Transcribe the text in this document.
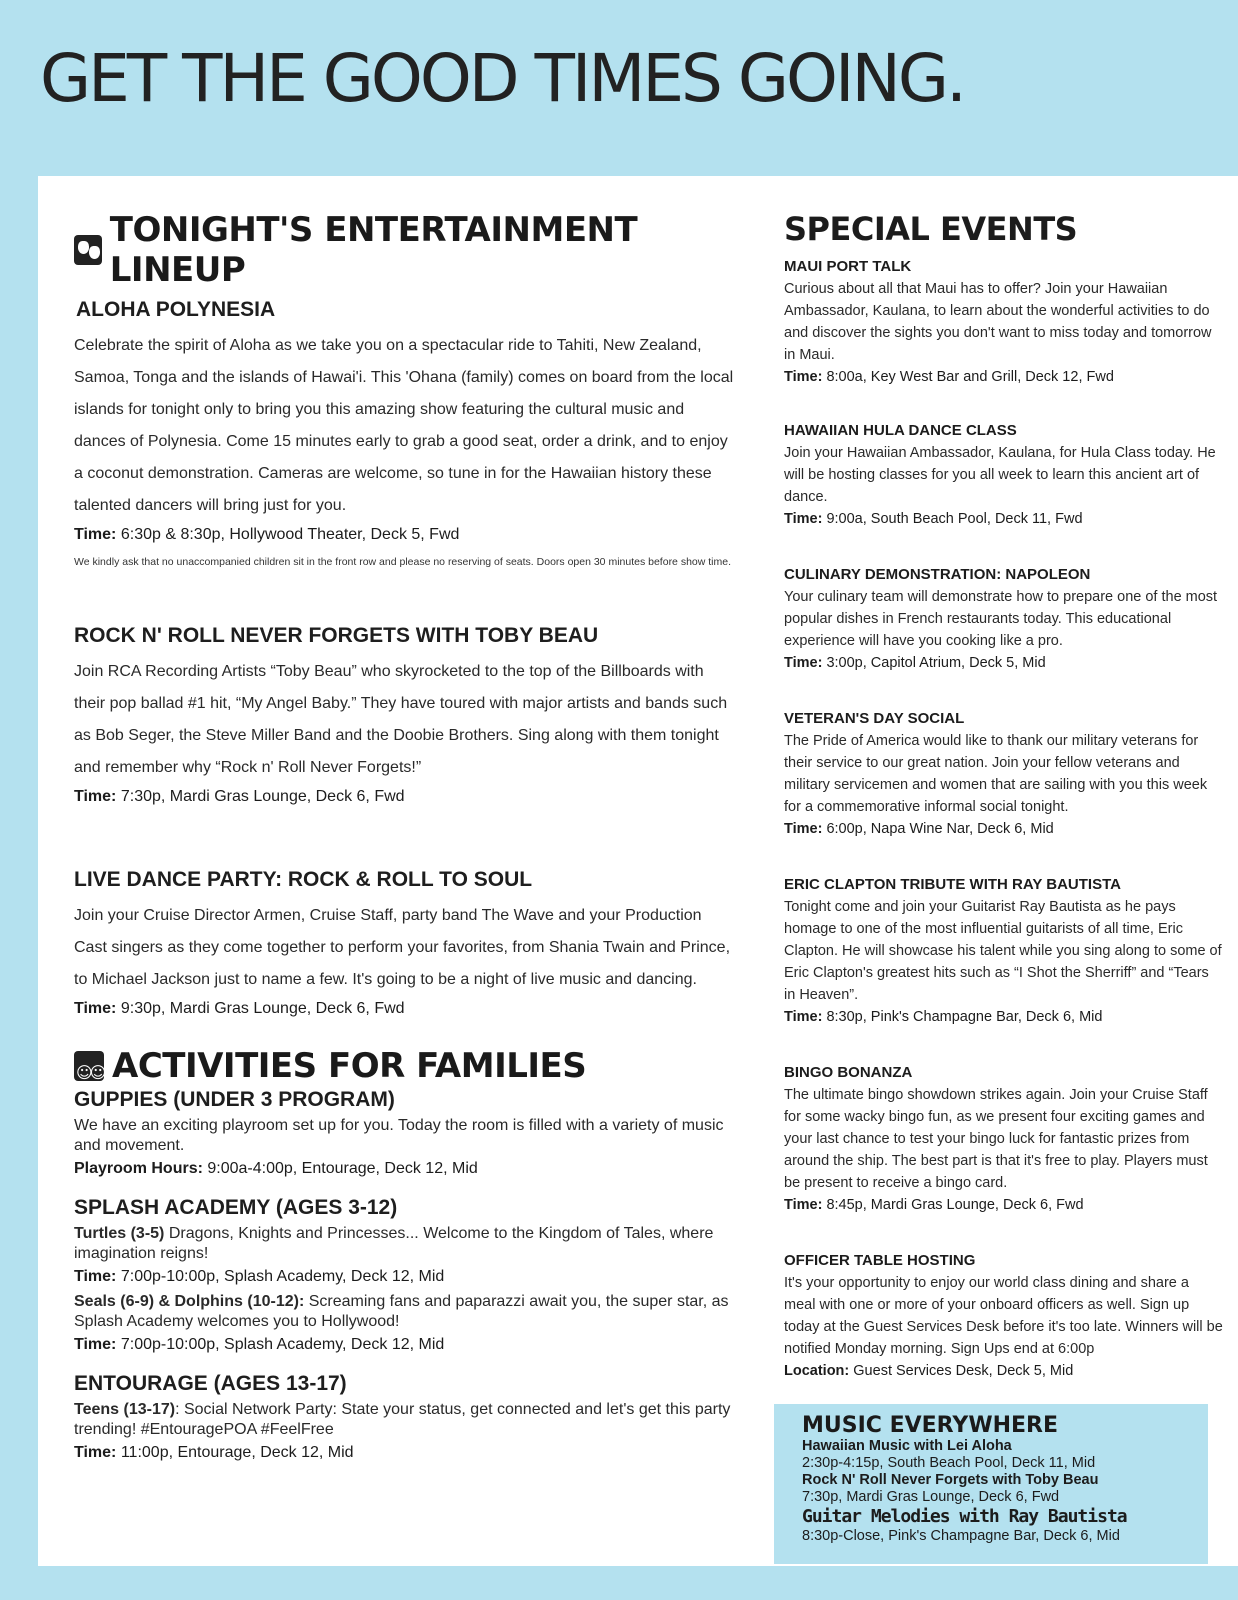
GET THE GOOD TIMES GOING.
TONIGHT'S ENTERTAINMENT LINEUP

ALOHA POLYNESIA

Celebrate the spirit of Aloha as we take you on a spectacular ride to Tahiti, New Zealand, Samoa, Tonga and the islands of Hawai'i. This 'Ohana (family) comes on board from the local islands for tonight only to bring you this amazing show featuring the cultural music and dances of Polynesia. Come 15 minutes early to grab a good seat, order a drink, and to enjoy a coconut demonstration. Cameras are welcome, so tune in for the Hawaiian history these talented dancers will bring just for you.

Time: 6:30p & 8:30p, Hollywood Theater, Deck 5, Fwd

We kindly ask that no unaccompanied children sit in the front row and please no reserving of seats. Doors open 30 minutes before show time.

ROCK N' ROLL NEVER FORGETS WITH TOBY BEAU

Join RCA Recording Artists “Toby Beau” who skyrocketed to the top of the Billboards with their pop ballad #1 hit, “My Angel Baby.” They have toured with major artists and bands such as Bob Seger, the Steve Miller Band and the Doobie Brothers. Sing along with them tonight and remember why “Rock n' Roll Never Forgets!”

Time: 7:30p, Mardi Gras Lounge, Deck 6, Fwd

LIVE DANCE PARTY: ROCK & ROLL TO SOUL

Join your Cruise Director Armen, Cruise Staff, party band The Wave and your Production Cast singers as they come together to perform your favorites, from Shania Twain and Prince, to Michael Jackson just to name a few. It's going to be a night of live music and dancing.

Time: 9:30p, Mardi Gras Lounge, Deck 6, Fwd

☺☺
ACTIVITIES FOR FAMILIES

GUPPIES (UNDER 3 PROGRAM)

We have an exciting playroom set up for you. Today the room is filled with a variety of music and movement.

Playroom Hours: 9:00a-4:00p, Entourage, Deck 12, Mid

SPLASH ACADEMY (AGES 3-12)

Turtles (3-5) Dragons, Knights and Princesses... Welcome to the Kingdom of Tales, where imagination reigns!

Time: 7:00p-10:00p, Splash Academy, Deck 12, Mid

Seals (6-9) & Dolphins (10-12): Screaming fans and paparazzi await you, the super star, as Splash Academy welcomes you to Hollywood!

Time: 7:00p-10:00p, Splash Academy, Deck 12, Mid

ENTOURAGE (AGES 13-17)

Teens (13-17): Social Network Party: State your status, get connected and let's get this party trending! #EntouragePOA #FeelFree

Time: 11:00p, Entourage, Deck 12, Mid

SPECIAL EVENTS

MAUI PORT TALK

Curious about all that Maui has to offer? Join your Hawaiian Ambassador, Kaulana, to learn about the wonderful activities to do and discover the sights you don't want to miss today and tomorrow in Maui.

Time: 8:00a, Key West Bar and Grill, Deck 12, Fwd

HAWAIIAN HULA DANCE CLASS

Join your Hawaiian Ambassador, Kaulana, for Hula Class today. He will be hosting classes for you all week to learn this ancient art of dance.

Time: 9:00a, South Beach Pool, Deck 11, Fwd

CULINARY DEMONSTRATION: NAPOLEON

Your culinary team will demonstrate how to prepare one of the most popular dishes in French restaurants today. This educational experience will have you cooking like a pro.

Time: 3:00p, Capitol Atrium, Deck 5, Mid

VETERAN'S DAY SOCIAL

The Pride of America would like to thank our military veterans for their service to our great nation. Join your fellow veterans and military servicemen and women that are sailing with you this week for a commemorative informal social tonight.

Time: 6:00p, Napa Wine Nar, Deck 6, Mid

ERIC CLAPTON TRIBUTE WITH RAY BAUTISTA

Tonight come and join your Guitarist Ray Bautista as he pays homage to one of the most influential guitarists of all time, Eric Clapton. He will showcase his talent while you sing along to some of Eric Clapton's greatest hits such as “I Shot the Sherriff” and “Tears in Heaven”.

Time: 8:30p, Pink's Champagne Bar, Deck 6, Mid

BINGO BONANZA

The ultimate bingo showdown strikes again. Join your Cruise Staff for some wacky bingo fun, as we present four exciting games and your last chance to test your bingo luck for fantastic prizes from around the ship. The best part is that it's free to play. Players must be present to receive a bingo card.

Time: 8:45p, Mardi Gras Lounge, Deck 6, Fwd

OFFICER TABLE HOSTING

It's your opportunity to enjoy our world class dining and share a meal with one or more of your onboard officers as well. Sign up today at the Guest Services Desk before it's too late. Winners will be notified Monday morning. Sign Ups end at 6:00p

Location: Guest Services Desk, Deck 5, Mid

MUSIC EVERYWHERE

Hawaiian Music with Lei Aloha

2:30p-4:15p, South Beach Pool, Deck 11, Mid

Rock N' Roll Never Forgets with Toby Beau

7:30p, Mardi Gras Lounge, Deck 6, Fwd

Guitar Melodies with Ray Bautista

8:30p-Close, Pink's Champagne Bar, Deck 6, Mid
